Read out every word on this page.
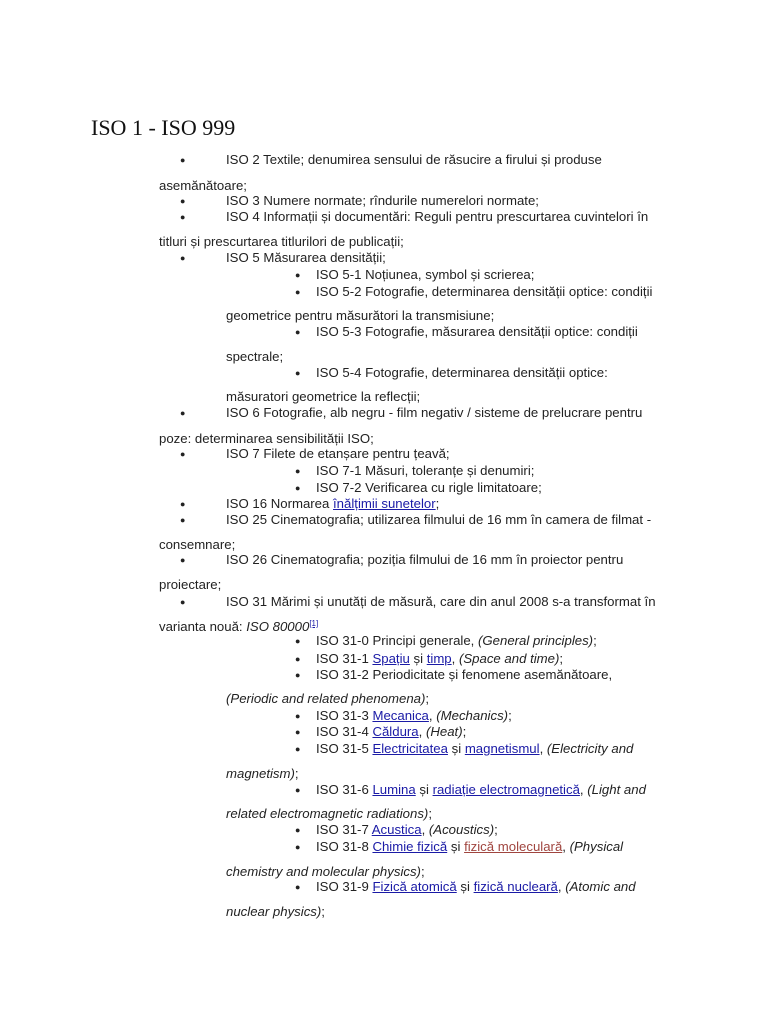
ISO 1 - ISO 999
●	ISO 2 Textile; denumirea sensului de răsucire a firului și produse
asemănătoare;
●	ISO 3 Numere normate; rîndurile numerelori normate;
●	ISO 4 Informații și documentări: Reguli pentru prescurtarea cuvintelori în
titluri și prescurtarea titlurilori de publicații;
●	ISO 5 Măsurarea densității;
● ISO 5-1 Noțiunea, symbol și scrierea;
● ISO 5-2 Fotografie, determinarea densității optice: condiții
geometrice pentru măsurători la transmisiune;
● ISO 5-3 Fotografie, măsurarea densității optice: condiții
spectrale;
● ISO 5-4 Fotografie, determinarea densității optice:
măsuratori geometrice la reflecții;
●	ISO 6 Fotografie, alb negru - film negativ / sisteme de prelucrare pentru
poze: determinarea sensibilității ISO;
●	ISO 7 Filete de etanșare pentru țeavă;
● ISO 7-1 Măsuri, toleranțe și denumiri;
● ISO 7-2 Verificarea cu rigle limitatoare;
●	ISO 16 Normarea înălțimii sunetelor;
●	ISO 25 Cinematografia; utilizarea filmului de 16 mm în camera de filmat -
consemnare;
●	ISO 26 Cinematografia; poziția filmului de 16 mm în proiector pentru
proiectare;
●	ISO 31 Mărimi și unutăți de măsură, care din anul 2008 s-a transformat în
varianta nouă: ISO 80000[1]
● ISO 31-0 Principi generale, (General principles);
● ISO 31-1 Spațiu și timp, (Space and time);
● ISO 31-2 Periodicitate și fenomene asemănătoare,
(Periodic and related phenomena);
● ISO 31-3 Mecanica, (Mechanics);
● ISO 31-4 Căldura, (Heat);
● ISO 31-5 Electricitatea și magnetismul, (Electricity and
magnetism);
● ISO 31-6 Lumina și radiație electromagnetică, (Light and
related electromagnetic radiations);
● ISO 31-7 Acustica, (Acoustics);
● ISO 31-8 Chimie fizică și fizică moleculară, (Physical
chemistry and molecular physics);
● ISO 31-9 Fizică atomică și fizică nucleară, (Atomic and
nuclear physics);
